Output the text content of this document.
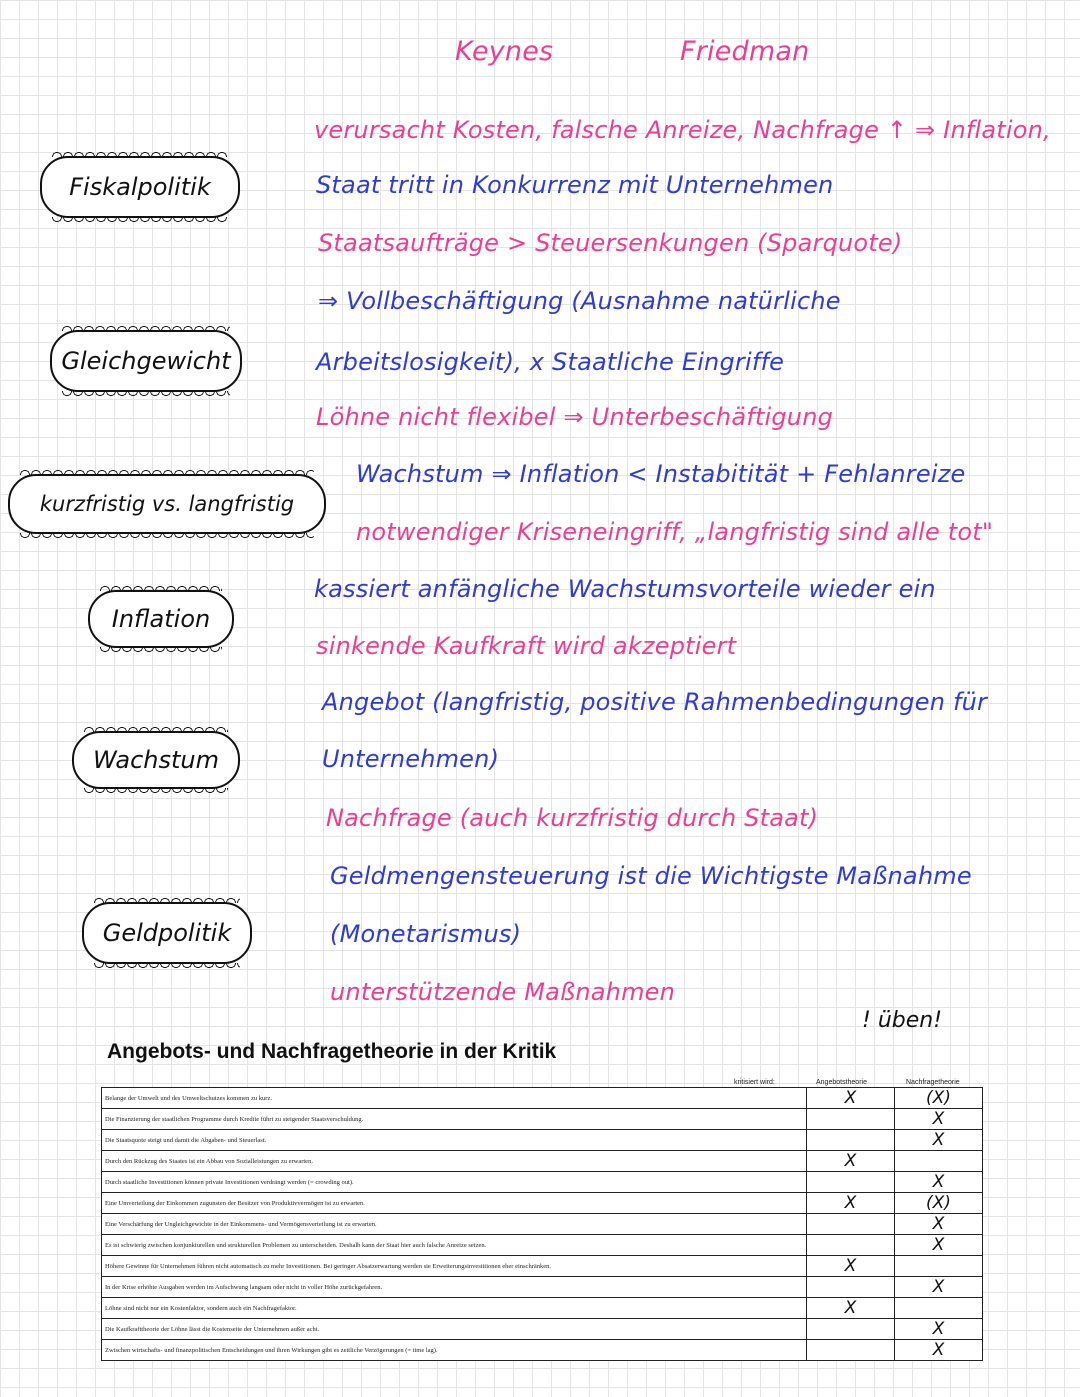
Keynes	Friedman
Fiskalpolitik
Gleichgewicht
kurzfristig vs. langfristig
Inflation
Wachstum
Geldpolitik
verursacht Kosten, falsche Anreize, Nachfrage ↑ ⇒ Inflation,
Staat tritt in Konkurrenz mit Unternehmen
Staatsaufträge > Steuersenkungen (Sparquote)
⇒ Vollbeschäftigung (Ausnahme natürliche
Arbeitslosigkeit), x Staatliche Eingriffe
Löhne nicht flexibel ⇒ Unterbeschäftigung
Wachstum ⇒ Inflation < Instabitität + Fehlanreize
notwendiger Kriseneingriff, „langfristig sind alle tot"
kassiert anfängliche Wachstumsvorteile wieder ein
sinkende Kaufkraft wird akzeptiert
Angebot (langfristig, positive Rahmenbedingungen für
Unternehmen)
Nachfrage (auch kurzfristig durch Staat)
Geldmengensteuerung ist die Wichtigste Maßnahme
(Monetarismus)
unterstützende Maßnahmen
! üben!
Angebots- und Nachfragetheorie in der Kritik
kritisiert wird:	Angebotstheorie	Nachfragetheorie
Belange der Umwelt und des Umweltschutzes kommen zu kurz.	X	(X)
Die Finanzierung der staatlichen Programme durch Kredite führt zu steigender Staatsverschuldung.		X
Die Staatsquote steigt und damit die Abgaben- und Steuerlast.		X
Durch den Rückzug des Staates ist ein Abbau von Sozialleistungen zu erwarten.	X	
Durch staatliche Investitionen können private Investitionen verdrängt werden (= crowding out).		X
Eine Umverteilung der Einkommen zugunsten der Besitzer von Produktivvermögen ist zu erwarten.	X	(X)
Eine Verschärfung der Ungleichgewichte in der Einkommens- und Vermögensverteilung ist zu erwarten.		X
Es ist schwierig zwischen konjunkturellen und strukturellen Problemen zu unterscheiden. Deshalb kann der Staat hier auch falsche Anreize setzen.		X
Höhere Gewinne für Unternehmen führen nicht automatisch zu mehr Investitionen. Bei geringer Absatzerwartung werden sie Erweiterungsinvestitionen eher einschränken.	X	
In der Krise erhöhte Ausgaben werden im Aufschwung langsam oder nicht in voller Höhe zurückgefahren.		X
Löhne sind nicht nur ein Kostenfaktor, sondern auch ein Nachfragefaktor.	X	
Die Kaufkrafttheorie der Löhne lässt die Kostenseite der Unternehmen außer acht.		X
Zwischen wirtschafts- und finanzpolitischen Entscheidungen und ihren Wirkungen gibt es zeitliche Verzögerungen (= time lag).		X
